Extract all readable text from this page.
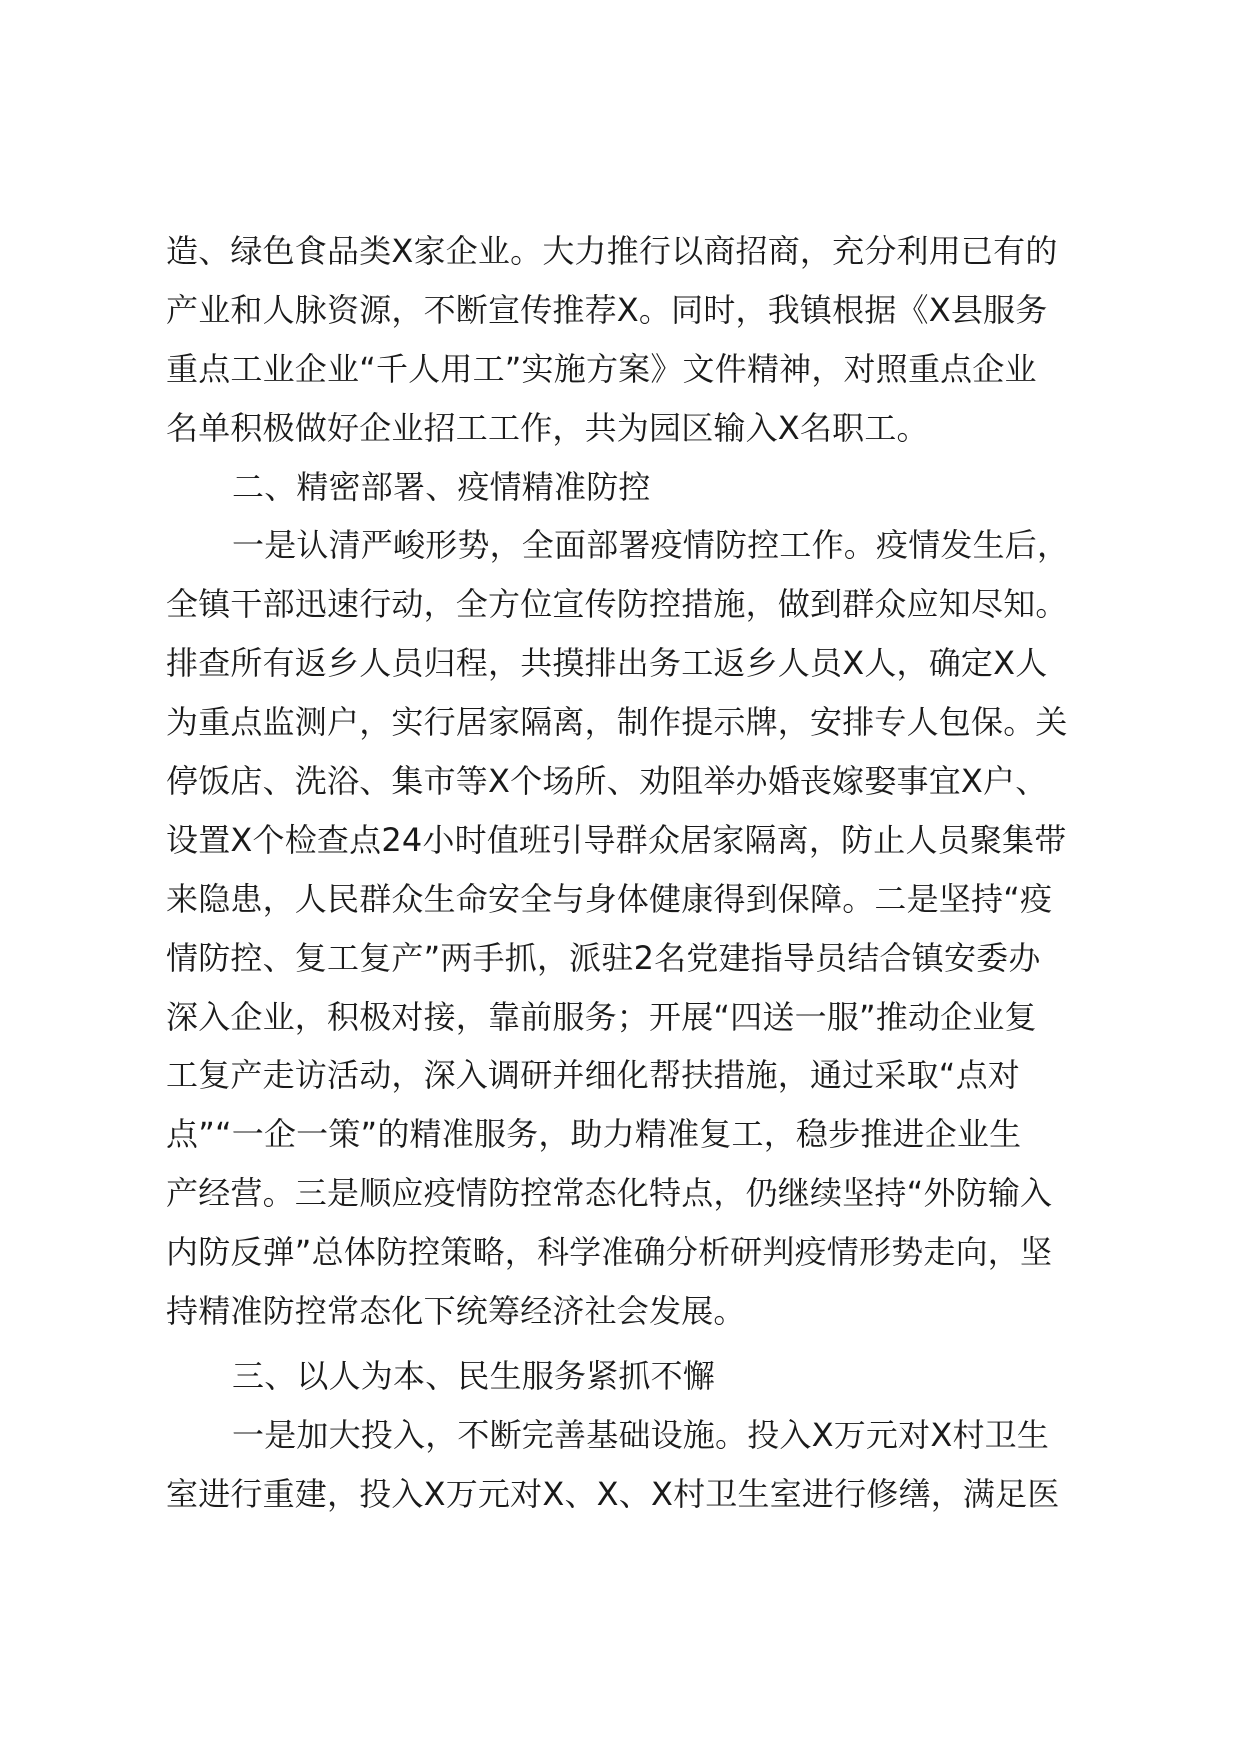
造、绿色食品类X家企业。大力推行以商招商，充分利用已有的
产业和人脉资源，不断宣传推荐X。同时，我镇根据《X县服务
重点工业企业“千人用工”实施方案》文件精神，对照重点企业
名单积极做好企业招工工作，共为园区输入X名职工。
二、精密部署、疫情精准防控
一是认清严峻形势，全面部署疫情防控工作。疫情发生后，
全镇干部迅速行动，全方位宣传防控措施，做到群众应知尽知。
排查所有返乡人员归程，共摸排出务工返乡人员X人，确定X人
为重点监测户，实行居家隔离，制作提示牌，安排专人包保。关
停饭店、洗浴、集市等X个场所、劝阻举办婚丧嫁娶事宜X户、
设置X个检查点24小时值班引导群众居家隔离，防止人员聚集带
来隐患，人民群众生命安全与身体健康得到保障。二是坚持“疫
情防控、复工复产”两手抓，派驻2名党建指导员结合镇安委办
深入企业，积极对接，靠前服务；开展“四送一服”推动企业复
工复产走访活动，深入调研并细化帮扶措施，通过采取“点对
点”“一企一策”的精准服务，助力精准复工，稳步推进企业生
产经营。三是顺应疫情防控常态化特点，仍继续坚持“外防输入
内防反弹”总体防控策略，科学准确分析研判疫情形势走向，坚
持精准防控常态化下统筹经济社会发展。
三、以人为本、民生服务紧抓不懈
一是加大投入，不断完善基础设施。投入X万元对X村卫生
室进行重建，投入X万元对X、X、X村卫生室进行修缮，满足医
